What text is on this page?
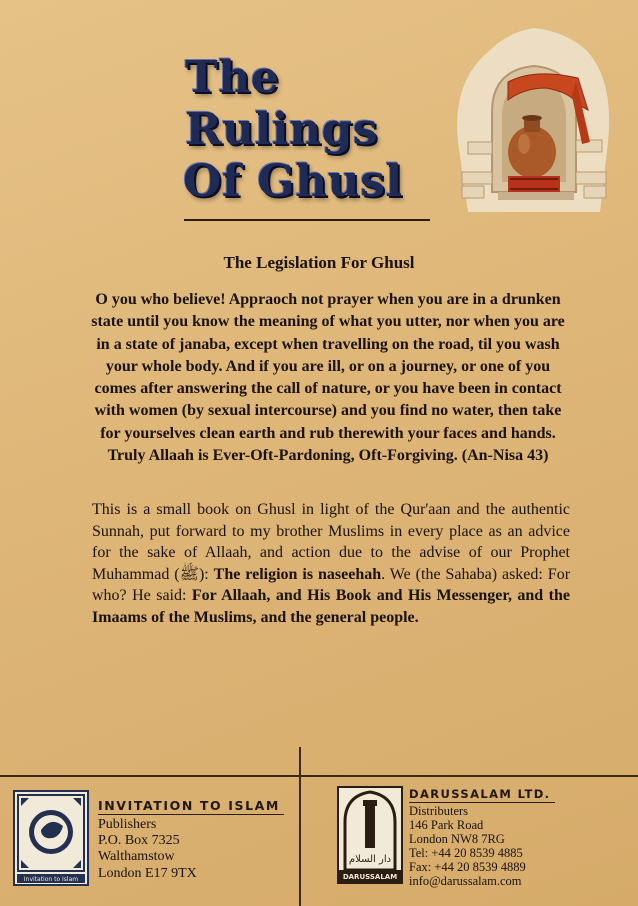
The
Rulings
Of Ghusl
The Legislation For Ghusl
O you who believe! Appraoch not prayer when you are in a drunken state until you know the meaning of what you utter, nor when you are in a state of janaba, except when travelling on the road, til you wash your whole body. And if you are ill, or on a journey, or one of you comes after answering the call of nature, or you have been in contact with women (by sexual intercourse) and you find no water, then take for yourselves clean earth and rub therewith your faces and hands. Truly Allaah is Ever-Oft-Pardoning, Oft-Forgiving. (An-Nisa 43)
This is a small book on Ghusl in light of the Qur'aan and the authentic Sunnah, put forward to my brother Muslims in every place as an advice for the sake of Allaah, and action due to the advise of our Prophet Muhammad (ﷺ): The religion is naseehah. We (the Sahaba) asked: For who? He said: For Allaah, and His Book and His Messenger, and the Imaams of the Muslims, and the general people.
Invitation to Islam
INVITATION TO ISLAM
Publishers
P.O. Box 7325
Walthamstow
London E17 9TX
دار السلام
DARUSSALAM
DARUSSALAM LTD.
Distributers
146 Park Road
London NW8 7RG
Tel: +44 20 8539 4885
Fax: +44 20 8539 4889
info@darussalam.com
